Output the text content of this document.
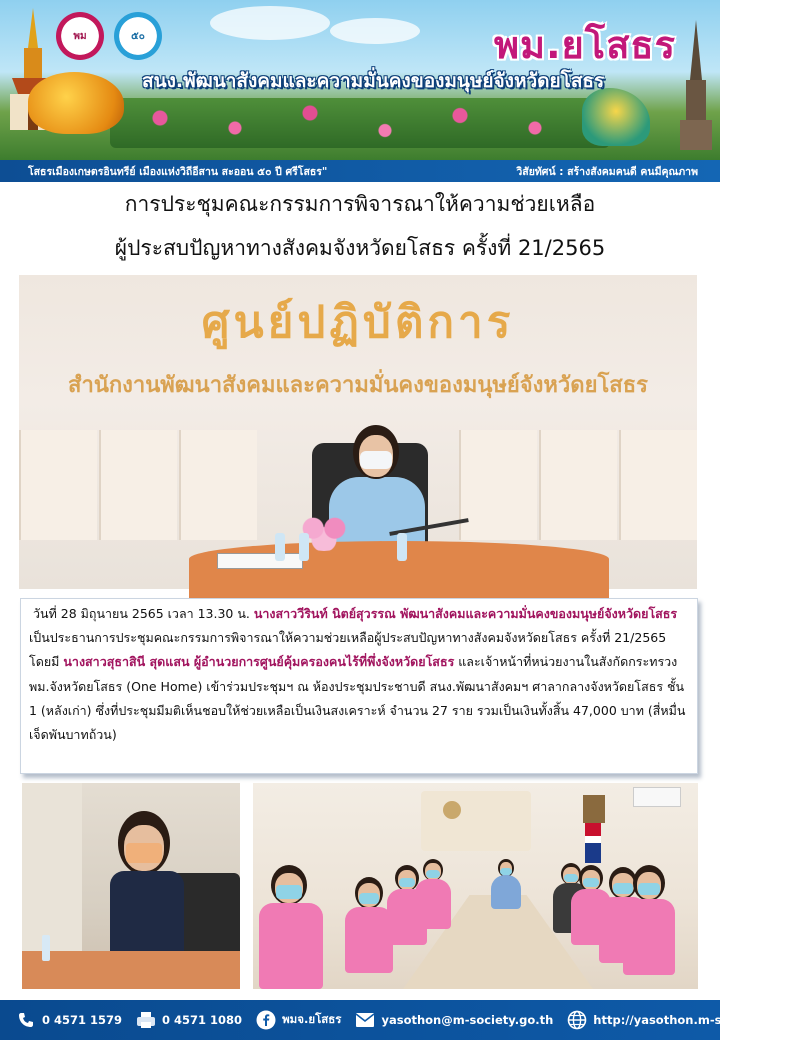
พม	๕๐	พม.ยโสธร
สนง.พัฒนาสังคมและความมั่นคงของมนุษย์จังหวัดยโสธร
โสธรเมืองเกษตรอินทรีย์ เมืองแห่งวิถีอีสาน สะออน ๕๐ ปี ศรีโสธร"	วิสัยทัศน์ : สร้างสังคมคนดี คนมีคุณภาพ
การประชุมคณะกรรมการพิจารณาให้ความช่วยเหลือ
ผู้ประสบปัญหาทางสังคมจังหวัดยโสธร ครั้งที่ 21/2565
ศูนย์ปฏิบัติการ
สำนักงานพัฒนาสังคมและความมั่นคงของมนุษย์จังหวัดยโสธร

วันที่ 28 มิถุนายน 2565 เวลา 13.30 น. นางสาววีรินท์ นิตย์สุวรรณ พัฒนาสังคมและความมั่นคงของมนุษย์จังหวัดยโสธร เป็นประธานการประชุมคณะกรรมการพิจารณาให้ความช่วยเหลือผู้ประสบปัญหาทางสังคมจังหวัดยโสธร ครั้งที่ 21/2565 โดยมี นางสาวสุธาสินี สุดแสน ผู้อำนวยการศูนย์คุ้มครองคนไร้ที่พึ่งจังหวัดยโสธร และเจ้าหน้าที่หน่วยงานในสังกัดกระทรวง พม.จังหวัดยโสธร (One Home) เข้าร่วมประชุมฯ ณ ห้องประชุมประชาบดี สนง.พัฒนาสังคมฯ ศาลากลางจังหวัดยโสธร ชั้น 1 (หลังเก่า) ซึ่งที่ประชุมมีมติเห็นชอบให้ช่วยเหลือเป็นเงินสงเคราะห์ จำนวน 27 ราย รวมเป็นเงินทั้งสิ้น 47,000 บาท (สี่หมื่นเจ็ดพันบาทถ้วน)

0 4571 1579	0 4571 1080	พมจ.ยโสธร	yasothon@m-society.go.th	http://yasothon.m-society.go.th/
